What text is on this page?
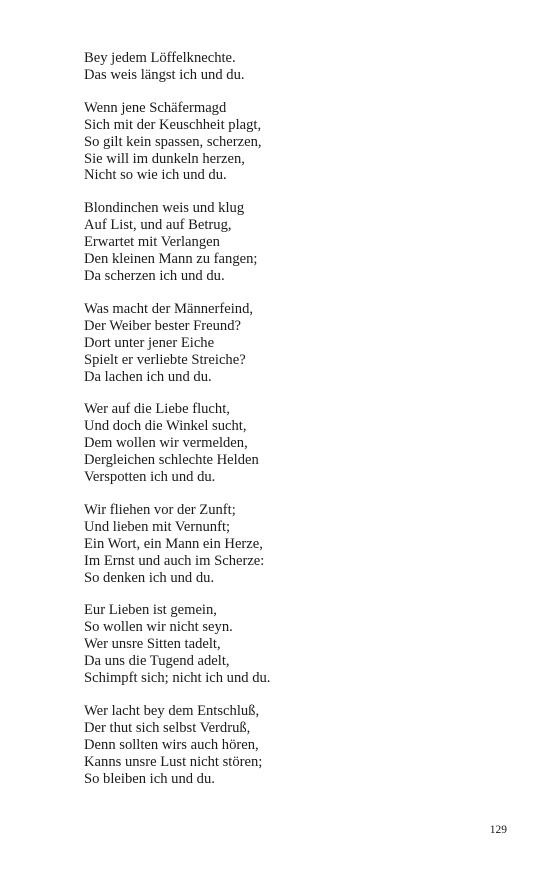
Bey jedem Löffelknechte.
Das weis längst ich und du.
Wenn jene Schäfermagd
Sich mit der Keuschheit plagt,
So gilt kein spassen, scherzen,
Sie will im dunkeln herzen,
Nicht so wie ich und du.
Blondinchen weis und klug
Auf List, und auf Betrug,
Erwartet mit Verlangen
Den kleinen Mann zu fangen;
Da scherzen ich und du.
Was macht der Männerfeind,
Der Weiber bester Freund?
Dort unter jener Eiche
Spielt er verliebte Streiche?
Da lachen ich und du.
Wer auf die Liebe flucht,
Und doch die Winkel sucht,
Dem wollen wir vermelden,
Dergleichen schlechte Helden
Verspotten ich und du.
Wir fliehen vor der Zunft;
Und lieben mit Vernunft;
Ein Wort, ein Mann ein Herze,
Im Ernst und auch im Scherze:
So denken ich und du.
Eur Lieben ist gemein,
So wollen wir nicht seyn.
Wer unsre Sitten tadelt,
Da uns die Tugend adelt,
Schimpft sich; nicht ich und du.
Wer lacht bey dem Entschluß,
Der thut sich selbst Verdruß,
Denn sollten wirs auch hören,
Kanns unsre Lust nicht stören;
So bleiben ich und du.
129
